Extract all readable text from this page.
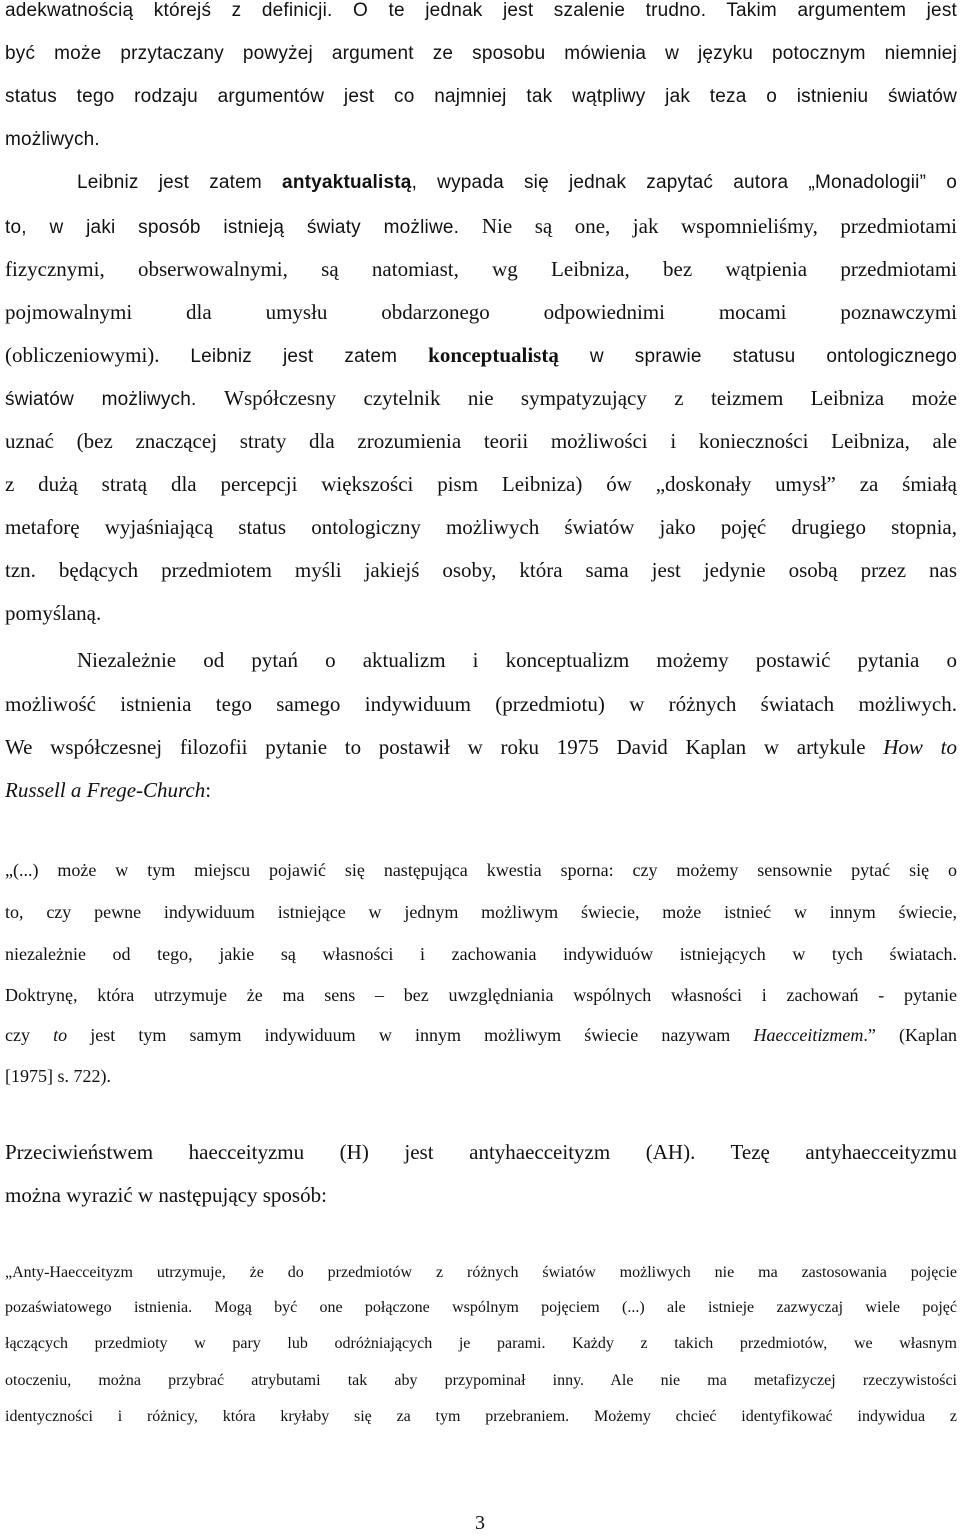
adekwatnością którejś z definicji. O te jednak jest szalenie trudno. Takim argumentem jest
być może przytaczany powyżej argument ze sposobu mówienia w języku potocznym niemniej
status tego rodzaju argumentów jest co najmniej tak wątpliwy jak teza o istnieniu światów
możliwych.
Leibniz jest zatem antyaktualistą, wypada się jednak zapytać autora „Monadologii” o
to, w jaki sposób istnieją światy możliwe. Nie są one, jak wspomnieliśmy, przedmiotami
fizycznymi, obserwowalnymi, są natomiast, wg Leibniza, bez wątpienia przedmiotami
pojmowalnymi dla umysłu obdarzonego odpowiednimi mocami poznawczymi
(obliczeniowymi). Leibniz jest zatem konceptualistą w sprawie statusu ontologicznego
światów możliwych. Współczesny czytelnik nie sympatyzujący z teizmem Leibniza może
uznać (bez znaczącej straty dla zrozumienia teorii możliwości i konieczności Leibniza, ale
z dużą stratą dla percepcji większości pism Leibniza) ów „doskonały umysł” za śmiałą
metaforę wyjaśniającą status ontologiczny możliwych światów jako pojęć drugiego stopnia,
tzn. będących przedmiotem myśli jakiejś osoby, która sama jest jedynie osobą przez nas
pomyślaną.
Niezależnie od pytań o aktualizm i konceptualizm możemy postawić pytania o
możliwość istnienia tego samego indywiduum (przedmiotu) w różnych światach możliwych.
We współczesnej filozofii pytanie to postawił w roku 1975 David Kaplan w artykule How to
Russell a Frege-Church:
„(...) może w tym miejscu pojawić się następująca kwestia sporna: czy możemy sensownie pytać się o
to, czy pewne indywiduum istniejące w jednym możliwym świecie, może istnieć w innym świecie,
niezależnie od tego, jakie są własności i zachowania indywiduów istniejących w tych światach.
Doktrynę, która utrzymuje że ma sens – bez uwzględniania wspólnych własności i zachowań - pytanie
czy to jest tym samym indywiduum w innym możliwym świecie nazywam Haecceitizmem.” (Kaplan
[1975] s. 722).
Przeciwieństwem haecceityzmu (H) jest antyhaecceityzm (AH). Tezę antyhaecceityzmu
można wyrazić w następujący sposób:
„Anty-Haecceityzm utrzymuje, że do przedmiotów z różnych światów możliwych nie ma zastosowania pojęcie
pozaświatowego istnienia. Mogą być one połączone wspólnym pojęciem (...) ale istnieje zazwyczaj wiele pojęć
łączących przedmioty w pary lub odróżniających je parami. Każdy z takich przedmiotów, we własnym
otoczeniu, można przybrać atrybutami tak aby przypominał inny. Ale nie ma metafizyczej rzeczywistości
identyczności i różnicy, która kryłaby się za tym przebraniem. Możemy chcieć identyfikować indywidua z
3
